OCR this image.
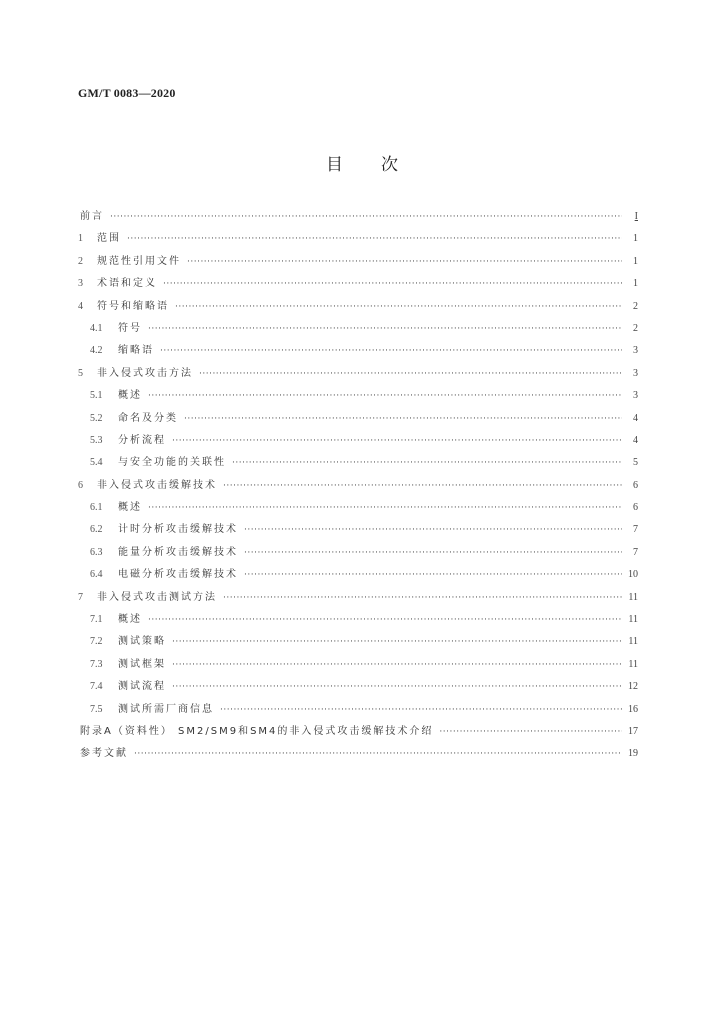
GM/T 0083—2020
目次
前言 ·····	I
1	范围 ·····	1
2	规范性引用文件 ·····	1
3	术语和定义 ·····	1
4	符号和缩略语 ·····	2
4.1	符号 ·····	2
4.2	缩略语 ·····	3
5	非入侵式攻击方法 ·····	3
5.1	概述 ·····	3
5.2	命名及分类 ·····	4
5.3	分析流程 ·····	4
5.4	与安全功能的关联性 ·····	5
6	非入侵式攻击缓解技术 ·····	6
6.1	概述 ·····	6
6.2	计时分析攻击缓解技术 ·····	7
6.3	能量分析攻击缓解技术 ·····	7
6.4	电磁分析攻击缓解技术 ·····	10
7	非入侵式攻击测试方法 ·····	11
7.1	概述 ·····	11
7.2	测试策略 ·····	11
7.3	测试框架 ·····	11
7.4	测试流程 ·····	12
7.5	测试所需厂商信息 ·····	16
附录A（资料性） SM2/SM9和SM4的非入侵式攻击缓解技术介绍 ·····	17
参考文献 ·····	19
